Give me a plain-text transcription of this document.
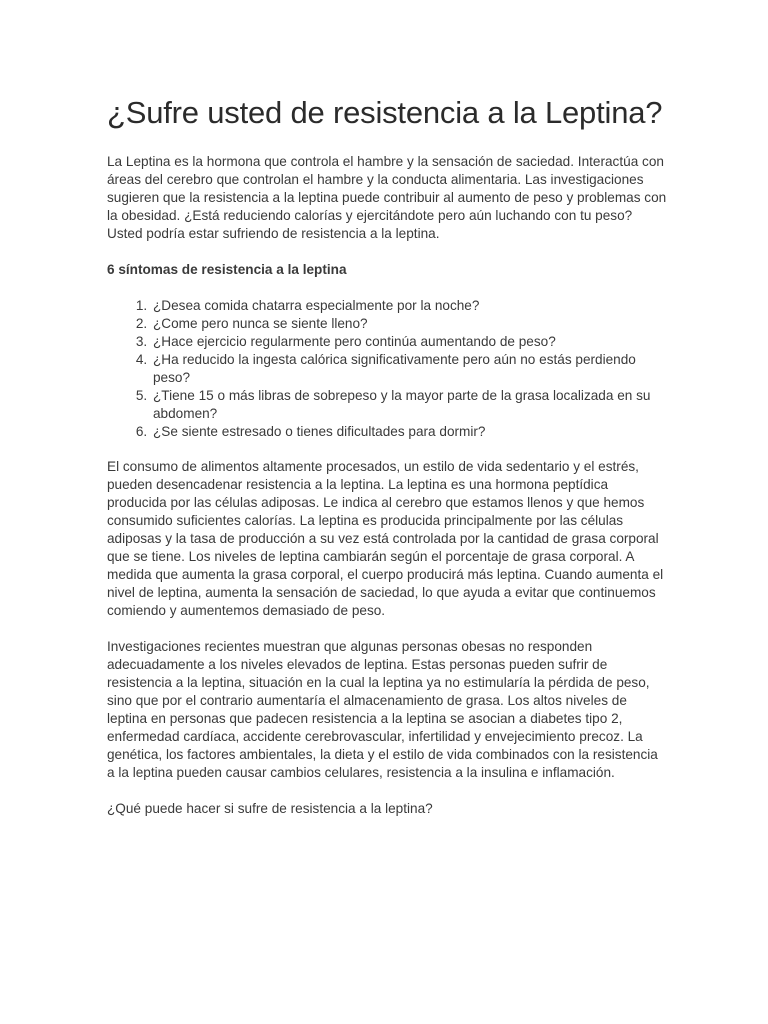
¿Sufre usted de resistencia a la Leptina?

La Leptina es la hormona que controla el hambre y la sensación de saciedad. Interactúa con áreas del cerebro que controlan el hambre y la conducta alimentaria. Las investigaciones sugieren que la resistencia a la leptina puede contribuir al aumento de peso y problemas con la obesidad. ¿Está reduciendo calorías y ejercitándote pero aún luchando con tu peso? Usted podría estar sufriendo de resistencia a la leptina.

6 síntomas de resistencia a la leptina

1. ¿Desea comida chatarra especialmente por la noche?
2. ¿Come pero nunca se siente lleno?
3. ¿Hace ejercicio regularmente pero continúa aumentando de peso?
4. ¿Ha reducido la ingesta calórica significativamente pero aún no estás perdiendo peso?
5. ¿Tiene 15 o más libras de sobrepeso y la mayor parte de la grasa localizada en su abdomen?
6. ¿Se siente estresado o tienes dificultades para dormir?

El consumo de alimentos altamente procesados, un estilo de vida sedentario y el estrés, pueden desencadenar resistencia a la leptina. La leptina es una hormona peptídica producida por las células adiposas. Le indica al cerebro que estamos llenos y que hemos consumido suficientes calorías. La leptina es producida principalmente por las células adiposas y la tasa de producción a su vez está controlada por la cantidad de grasa corporal que se tiene. Los niveles de leptina cambiarán según el porcentaje de grasa corporal. A medida que aumenta la grasa corporal, el cuerpo producirá más leptina. Cuando aumenta el nivel de leptina, aumenta la sensación de saciedad, lo que ayuda a evitar que continuemos comiendo y aumentemos demasiado de peso.

Investigaciones recientes muestran que algunas personas obesas no responden adecuadamente a los niveles elevados de leptina. Estas personas pueden sufrir de resistencia a la leptina, situación en la cual la leptina ya no estimularía la pérdida de peso, sino que por el contrario aumentaría el almacenamiento de grasa. Los altos niveles de leptina en personas que padecen resistencia a la leptina se asocian a diabetes tipo 2, enfermedad cardíaca, accidente cerebrovascular, infertilidad y envejecimiento precoz. La genética, los factores ambientales, la dieta y el estilo de vida combinados con la resistencia a la leptina pueden causar cambios celulares, resistencia a la insulina e inflamación.

¿Qué puede hacer si sufre de resistencia a la leptina?
